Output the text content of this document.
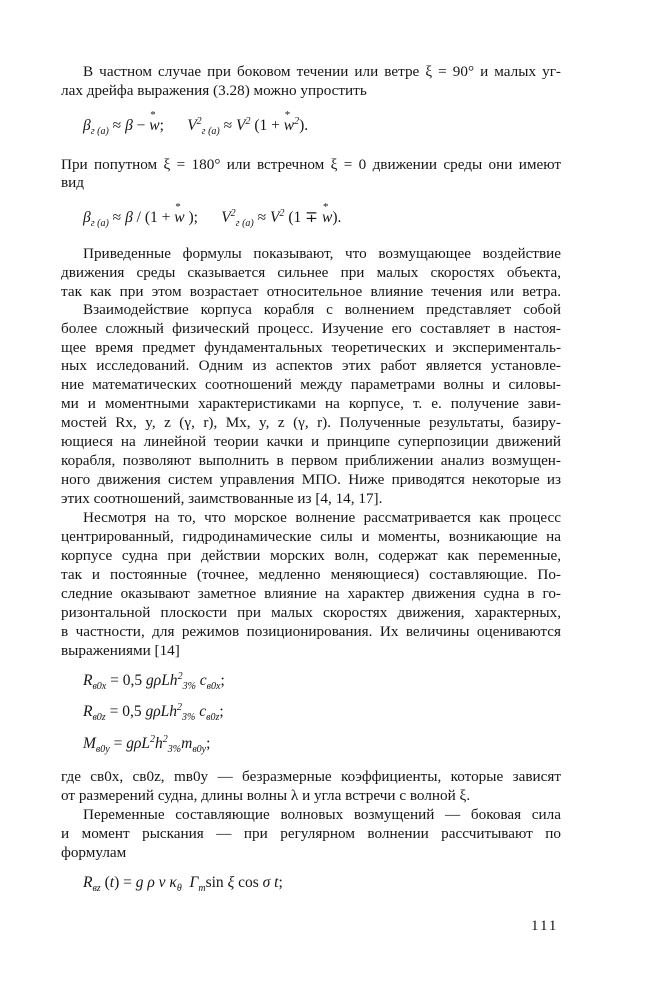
В частном случае при боковом течении или ветре ξ = 90° и малых уг-
лах дрейфа выражения (3.28) можно упростить
$\beta_{г (а)} \approx \beta$ − * w;      $V^2_{г (а)} \approx V^2$ (1 + * $w^2$).
При попутном ξ = 180° или встречном ξ = 0 движении среды они имеют
вид
$\beta_{г (а)} \approx \beta / (1$ + * w );      $V^2_{г (а)} \approx V^2$ (1 ∓ * w).
Приведенные формулы показывают, что возмущающее воздействие
движения среды сказывается сильнее при малых скоростях объекта,
так как при этом возрастает относительное влияние течения или ветра.
Взаимодействие корпуса корабля с волнением представляет собой
более сложный физический процесс. Изучение его составляет в настоя-
щее время предмет фундаментальных теоретических и эксперименталь-
ных исследований. Одним из аспектов этих работ является установле-
ние математических соотношений между параметрами волны и силовы-
ми и моментными характеристиками на корпусе, т. е. получение зави-
мостей Rx, y, z (γ, r), Mx, y, z (γ, r). Полученные результаты, базиру-
ющиеся на линейной теории качки и принципе суперпозиции движений
корабля, позволяют выполнить в первом приближении анализ возмущен-
ного движения систем управления МПО. Ниже приводятся некоторые из
этих соотношений, заимствованные из [4, 14, 17].
Несмотря на то, что морское волнение рассматривается как процесс
центрированный, гидродинамические силы и моменты, возникающие на
корпусе судна при действии морских волн, содержат как переменные,
так и постоянные (точнее, медленно меняющиеся) составляющие. По-
следние оказывают заметное влияние на характер движения судна в го-
ризонтальной плоскости при малых скоростях движения, характерных,
в частности, для режимов позиционирования. Их величины оцениваются
выражениями [14]
$R_{в0x} = 0,5$ gρLh$^2_{3\%}$ $c_{в0x}$;
$R_{в0z} = 0,5$ gρLh$^2_{3\%}$ $c_{в0z}$;
$M_{в0y} = g\rho L^2h^2_{3\%}m_{в0y}$;
где cв0x, cв0z, mв0y — безразмерные коэффициенты, которые зависят
от размерений судна, длины волны λ и угла встречи с волной ξ.
Переменные составляющие волновых возмущений — боковая сила
и момент рыскания — при регулярном волнении рассчитывают по
формулам
$R_{вz}$ (t) = g ρ v $\kappa_\theta$  $\Gamma_m\sin$ ξ cos σ t;
111
